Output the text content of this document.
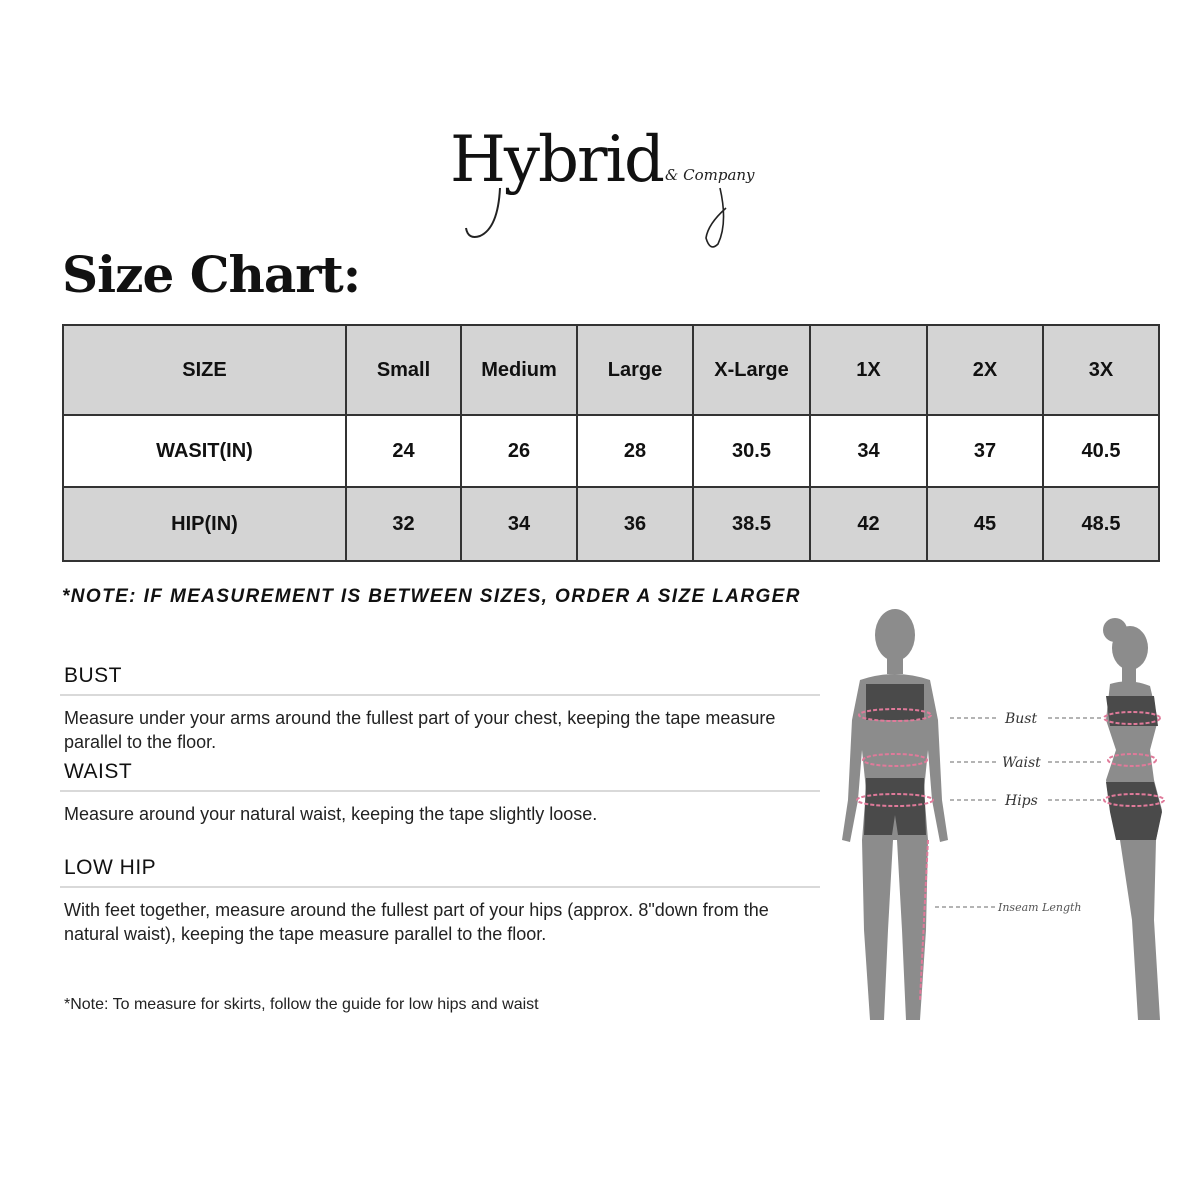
Hybrid & Company
Size Chart:
SIZE	Small	Medium	Large	X-Large	1X	2X	3X
WASIT(IN)	24	26	28	30.5	34	37	40.5
HIP(IN)	32	34	36	38.5	42	45	48.5
*NOTE: IF MEASUREMENT IS BETWEEN SIZES, ORDER A SIZE LARGER
BUST
Measure under your arms around the fullest part of your chest, keeping the tape measure parallel to the floor.
WAIST
Measure around your natural waist, keeping the tape slightly loose.
LOW HIP
With feet together, measure around the fullest part of your hips (approx. 8"down from the natural waist), keeping the tape measure parallel to the floor.
*Note: To measure for skirts, follow the guide for low hips and waist
Bust
Waist
Hips
Inseam Length
